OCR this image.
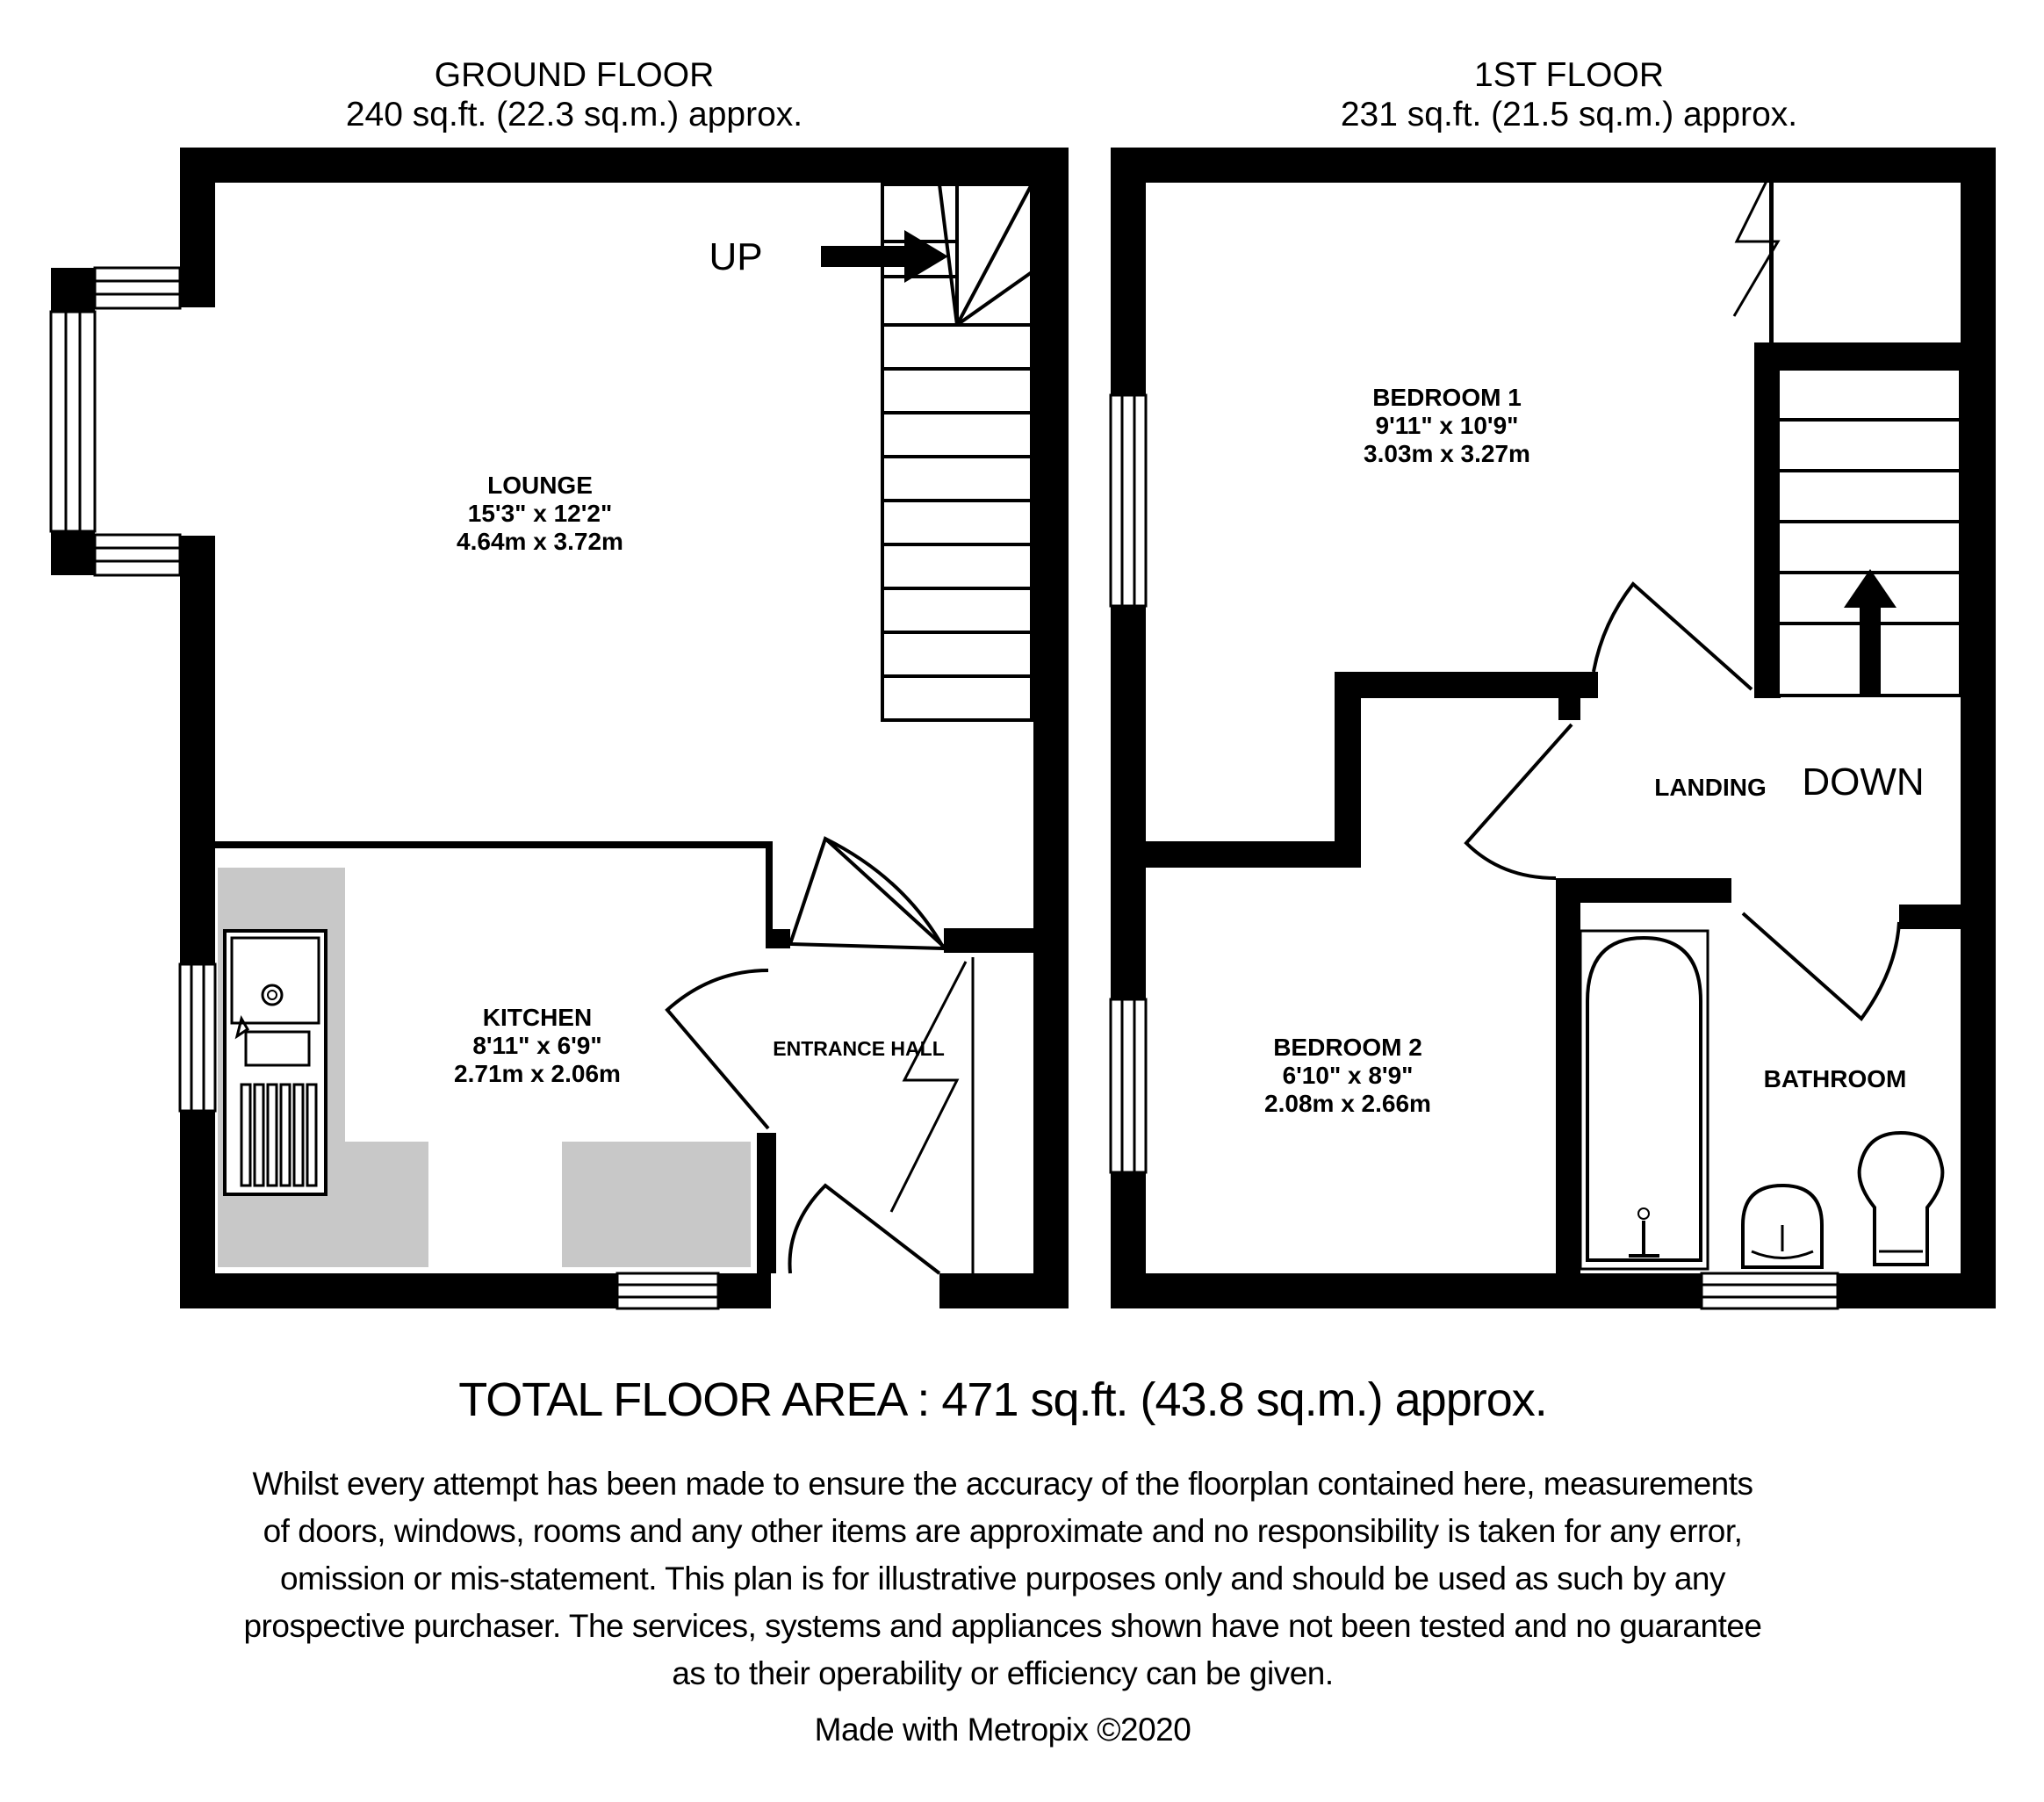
GROUND FLOOR
240 sq.ft. (22.3 sq.m.) approx.
1ST FLOOR
231 sq.ft. (21.5 sq.m.) approx.
UP
LOUNGE
15'3" x 12'2"
4.64m x 3.72m
KITCHEN
8'11" x 6'9"
2.71m x 2.06m
ENTRANCE HALL
DOWN
BEDROOM 1
9'11" x 10'9"
3.03m x 3.27m
BEDROOM 2
6'10" x 8'9"
2.08m x 2.66m
LANDING
BATHROOM
TOTAL FLOOR AREA : 471 sq.ft. (43.8 sq.m.) approx.
Whilst every attempt has been made to ensure the accuracy of the floorplan contained here, measurements
of doors, windows, rooms and any other items are approximate and no responsibility is taken for any error,
omission or mis-statement. This plan is for illustrative purposes only and should be used as such by any
prospective purchaser. The services, systems and appliances shown have not been tested and no guarantee
as to their operability or efficiency can be given.
Made with Metropix ©2020
